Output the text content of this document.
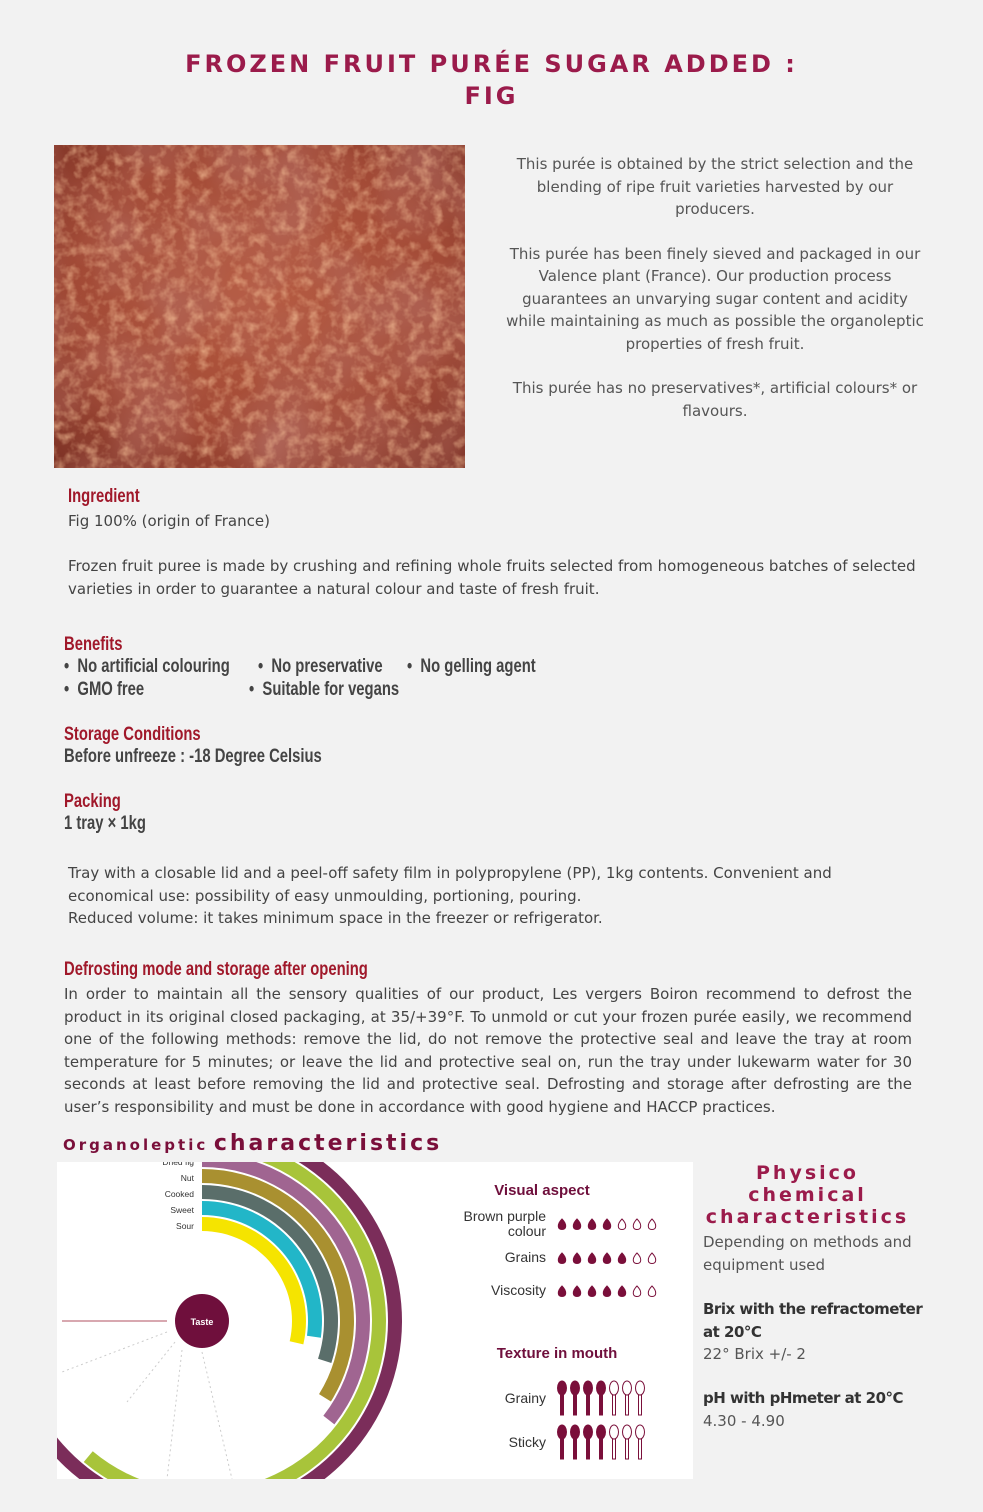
FROZEN FRUIT PURÉE SUGAR ADDED :
FIG

This purée is obtained by the strict selection and the blending of ripe fruit varieties harvested by our producers.

This purée has been finely sieved and packaged in our Valence plant (France). Our production process guarantees an unvarying sugar content and acidity while maintaining as much as possible the organoleptic properties of fresh fruit.

This purée has no preservatives*, artificial colours* or flavours.

Ingredient
Fig 100% (origin of France)
Frozen fruit puree is made by crushing and refining whole fruits selected from homogeneous batches of selected varieties in order to guarantee a natural colour and taste of fresh fruit.
Benefits
•  No artificial colouring •  No preservative •  No gelling agent
•  GMO free	•  Suitable for vegans
Storage Conditions
Before unfreeze : -18 Degree Celsius
Packing
1 tray × 1kg
Tray with a closable lid and a peel-off safety film in polypropylene (PP), 1kg contents. Convenient and economical use: possibility of easy unmoulding, portioning, pouring.
Reduced volume: it takes minimum space in the freezer or refrigerator.
Defrosting mode and storage after opening
In order to maintain all the sensory qualities of our product, Les vergers Boiron recommend to defrost the product in its original closed packaging, at 35/+39°F. To unmold or cut your frozen purée easily, we recommend one of the following methods: remove the lid, do not remove the protective seal and leave the tray at room temperature for 5 minutes; or leave the lid and protective seal on, run the tray under lukewarm water for 30 seconds at least before removing the lid and protective seal. Defrosting and storage after defrosting are the user’s responsibility and must be done in accordance with good hygiene and HACCP practices.
Organoleptic characteristics
Dried fig
Nut
Cooked
Sweet
Sour
Taste
Visual aspect
Brown purple
colour
Grains
Viscosity
Texture in mouth
Grainy
Sticky
Physico chemical
characteristics
Depending on methods and equipment used
Brix with the refractometer
at 20°C
22° Brix +/- 2
pH with pHmeter at 20°C
4.30 - 4.90
